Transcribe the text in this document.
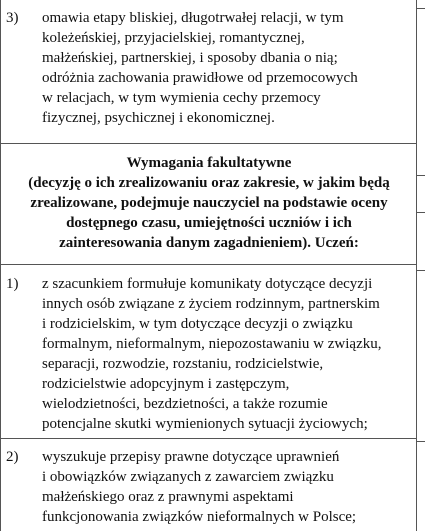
3) omawia etapy bliskiej, długotrwałej relacji, w tym
koleżeńskiej, przyjacielskiej, romantycznej,
małżeńskiej, partnerskiej, i sposoby dbania o nią;
odróżnia zachowania prawidłowe od przemocowych
w relacjach, w tym wymienia cechy przemocy
fizycznej, psychicznej i ekonomicznej.
Wymagania fakultatywne
(decyzję o ich zrealizowaniu oraz zakresie, w jakim będą
zrealizowane, podejmuje nauczyciel na podstawie oceny
dostępnego czasu, umiejętności uczniów i ich
zainteresowania danym zagadnieniem). Uczeń:
1) z szacunkiem formułuje komunikaty dotyczące decyzji
innych osób związane z życiem rodzinnym, partnerskim
i rodzicielskim, w tym dotyczące decyzji o związku
formalnym, nieformalnym, niepozostawaniu w związku,
separacji, rozwodzie, rozstaniu, rodzicielstwie,
rodzicielstwie adopcyjnym i zastępczym,
wielodzietności, bezdzietności, a także rozumie
potencjalne skutki wymienionych sytuacji życiowych;
2) wyszukuje przepisy prawne dotyczące uprawnień
i obowiązków związanych z zawarciem związku
małżeńskiego oraz z prawnymi aspektami
funkcjonowania związków nieformalnych w Polsce;
